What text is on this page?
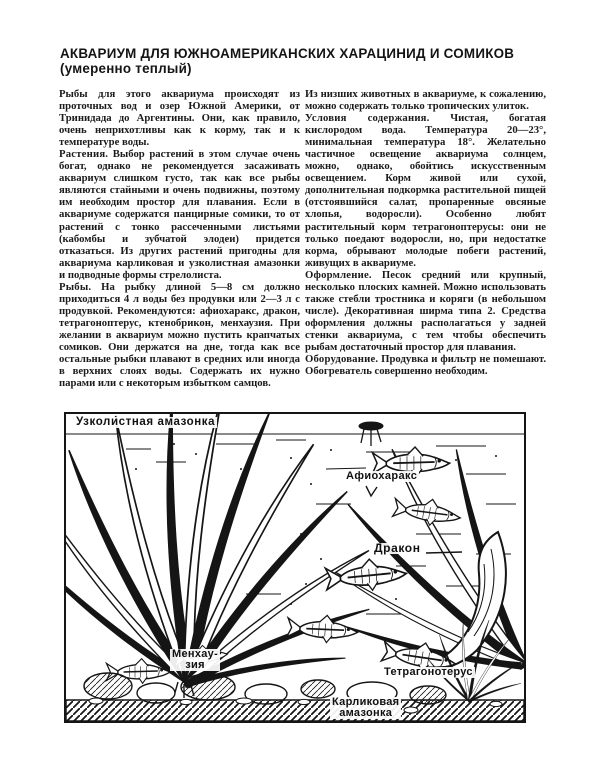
АКВАРИУМ ДЛЯ ЮЖНОАМЕРИКАНСКИХ ХАРАЦИНИД И СОМИКОВ
(умеренно теплый)

Рыбы для этого аквариума происходят из проточных вод и озер Южной Америки, от Тринидада до Аргентины. Они, как правило, очень неприхотливы как к корму, так и к температуре воды.

Растения. Выбор растений в этом случае очень богат, однако не рекомендуется засаживать аквариум слишком густо, так как все рыбы являются стайными и очень подвижны, поэтому им необходим простор для плавания. Если в аквариуме содержатся панцирные сомики, то от растений с тонко рассеченными листьями (кабомбы и зубчатой элодеи) придется отказаться. Из других растений пригодны для аквариума карликовая и узколистная амазонки и подводные формы стрелолиста.

Рыбы. На рыбку длиной 5—8 см должно приходиться 4 л воды без продувки или 2—3 л с продувкой. Рекомендуются: афиохаракс, дракон, тетрагоноптерус, ктенобрикон, менхаузия. При желании в аквариум можно пустить крапчатых сомиков. Они держатся на дне, тогда как все остальные рыбки плавают в средних или иногда в верхних слоях воды. Содержать их нужно парами или с некоторым избытком самцов.

Из низших животных в аквариуме, к сожалению, можно содержать только тропических улиток.

Условия содержания. Чистая, богатая кислородом вода. Температура 20—23°, минимальная температура 18°. Желательно частичное освещение аквариума солнцем, можно, однако, обойтись искусственным освещением. Корм живой или сухой, дополнительная подкормка растительной пищей (отстоявшийся салат, пропаренные овсяные хлопья, водоросли). Особенно любят растительный корм тетрагоноптерусы: они не только поедают водоросли, но, при недостатке корма, обрывают молодые побеги растений, живущих в аквариуме.

Оформление. Песок средний или крупный, несколько плоских камней. Можно использовать также стебли тростника и коряги (в небольшом числе). Декоративная ширма типа 2. Средства оформления должны располагаться у задней стенки аквариума, с тем чтобы обеспечить рыбам достаточный простор для плавания.

Оборудование. Продувка и фильтр не помешают. Обогреватель совершенно необходим.

Узколистная амазонка
Афиохаракс
Дракон
Менхау-
зия
Тетрагонотерус
Карликовая
амазонка
